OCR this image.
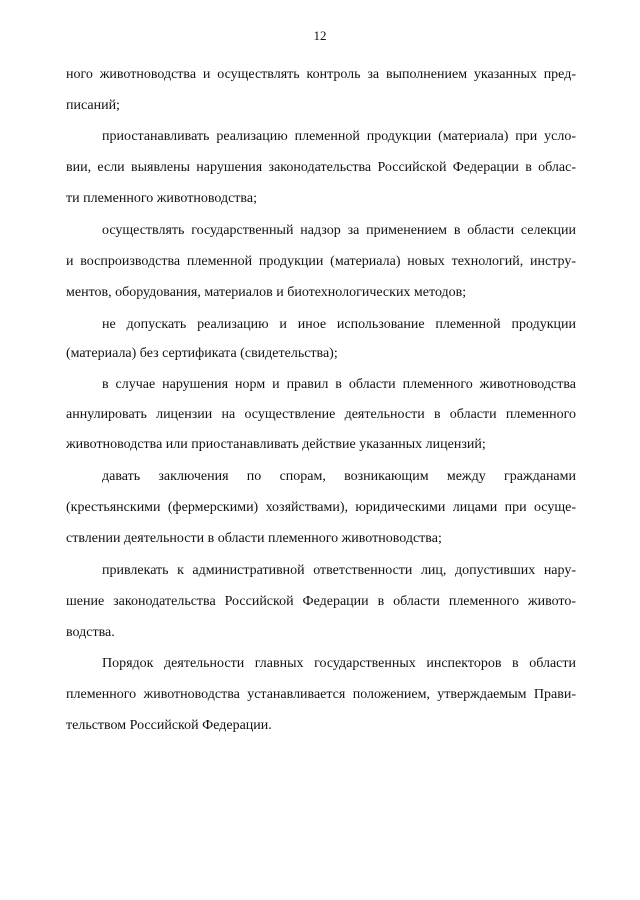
12
ного животноводства и осуществлять контроль за выполнением указанных пред-
писаний;
приостанавливать реализацию племенной продукции (материала) при усло-
вии, если выявлены нарушения законодательства Российской Федерации в облас-
ти племенного животноводства;
осуществлять государственный надзор за применением в области селекции
и воспроизводства племенной продукции (материала) новых технологий, инстру-
ментов, оборудования, материалов и биотехнологических методов;
не допускать реализацию и иное использование племенной продукции
(материала) без сертификата (свидетельства);
в случае нарушения норм и правил в области племенного животноводства
аннулировать лицензии на осуществление деятельности в области племенного
животноводства или приостанавливать действие указанных лицензий;
давать заключения по спорам, возникающим между гражданами
(крестьянскими (фермерскими) хозяйствами), юридическими лицами при осуще-
ствлении деятельности в области племенного животноводства;
привлекать к административной ответственности лиц, допустивших нару-
шение законодательства Российской Федерации в области племенного живото-
водства.
Порядок деятельности главных государственных инспекторов в области
племенного животноводства устанавливается положением, утверждаемым Прави-
тельством Российской Федерации.
